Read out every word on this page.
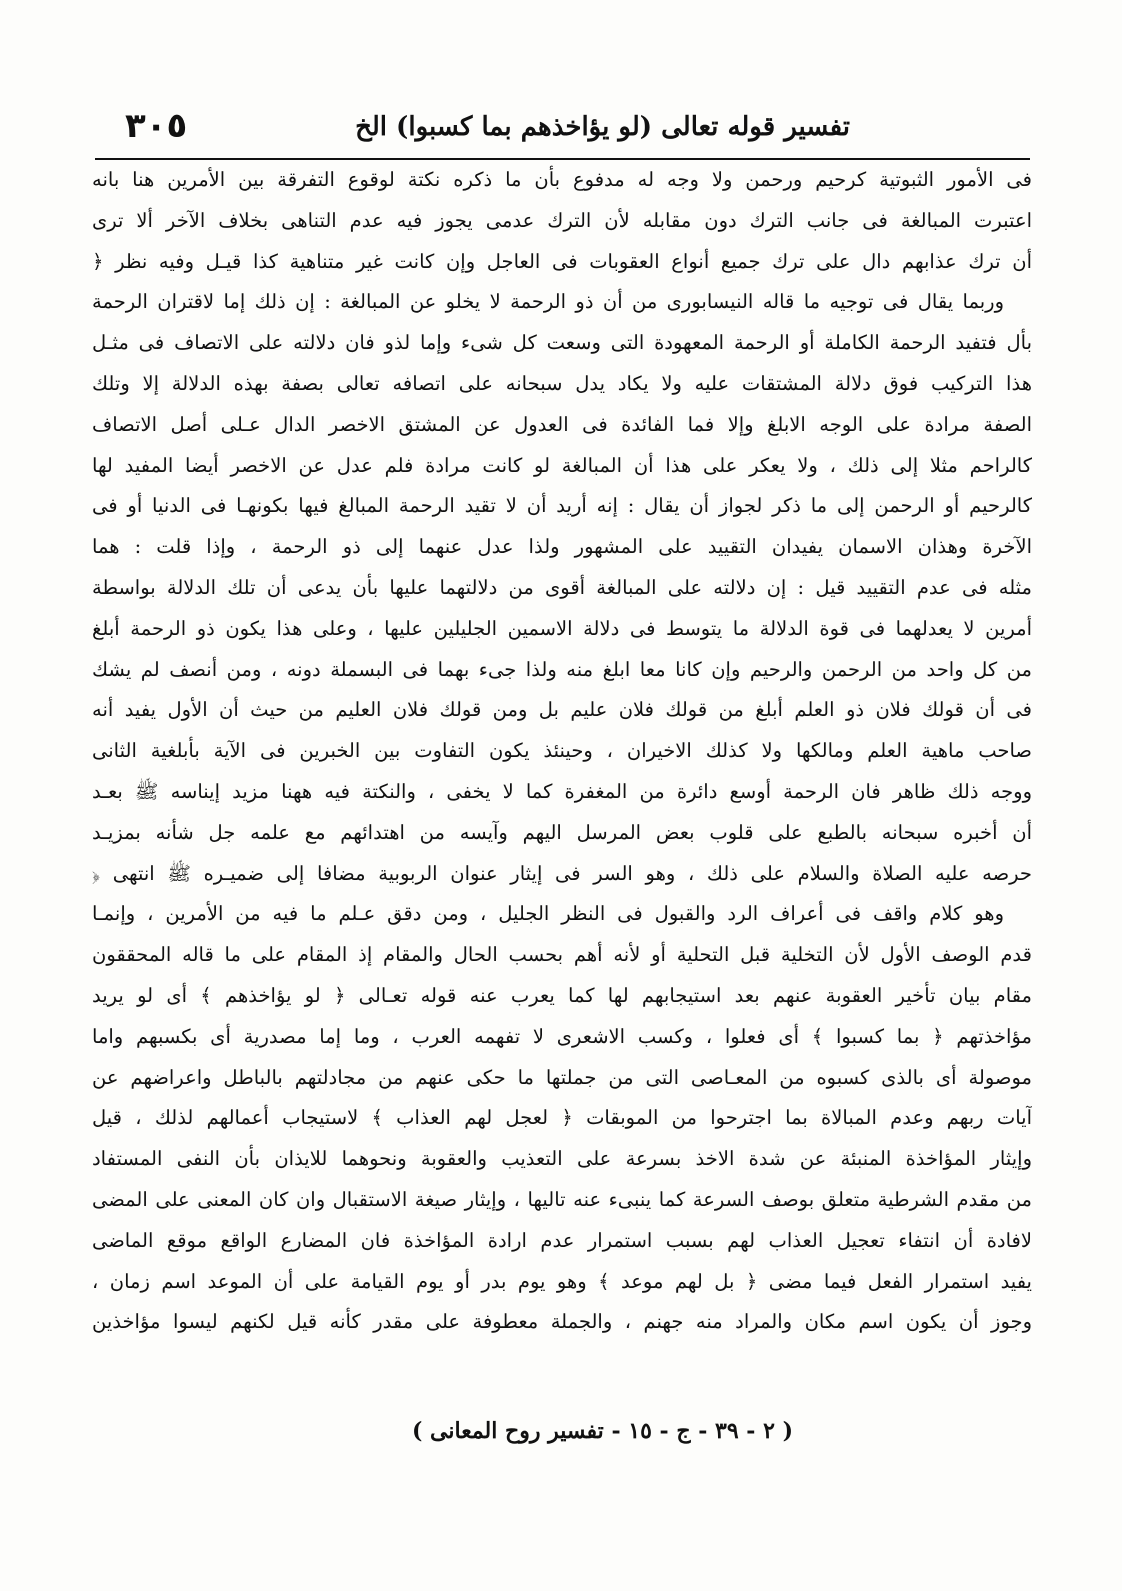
تفسير قوله تعالى (لو يؤاخذهم بما كسبوا) الخ
٣٠٥
فى الأمور الثبوتية كرحيم ورحمن ولا وجه له مدفوع بأن ما ذكره نكتة لوقوع التفرقة بين الأمرين هنا بانه
اعتبرت المبالغة فى جانب الترك دون مقابله لأن الترك عدمى يجوز فيه عدم التناهى بخلاف الآخر ألا ترى
أن ترك عذابهم دال على ترك جميع أنواع العقوبات فى العاجل وإن كانت غير متناهية كذا قيـل وفيه نظر ﴿
وربما يقال فى توجيه ما قاله النيسابورى من أن ذو الرحمة لا يخلو عن المبالغة : إن ذلك إما لاقتران الرحمة
بأل فتفيد الرحمة الكاملة أو الرحمة المعهودة التى وسعت كل شىء وإما لذو فان دلالته على الاتصاف فى مثـل
هذا التركيب فوق دلالة المشتقات عليه ولا يكاد يدل سبحانه على اتصافه تعالى بصفة بهذه الدلالة إلا وتلك
الصفة مرادة على الوجه الابلغ وإلا فما الفائدة فى العدول عن المشتق الاخصر الدال عـلى أصل الاتصاف
كالراحم مثلا إلى ذلك ، ولا يعكر على هذا أن المبالغة لو كانت مرادة فلم عدل عن الاخصر أيضا المفيد لها
كالرحيم أو الرحمن إلى ما ذكر لجواز أن يقال : إنه أريد أن لا تقيد الرحمة المبالغ فيها بكونهـا فى الدنيا أو فى
الآخرة وهذان الاسمان يفيدان التقييد على المشهور ولذا عدل عنهما إلى ذو الرحمة ، وإذا قلت : هما
مثله فى عدم التقييد قيل : إن دلالته على المبالغة أقوى من دلالتهما عليها بأن يدعى أن تلك الدلالة بواسطة
أمرين لا يعدلهما فى قوة الدلالة ما يتوسط فى دلالة الاسمين الجليلين عليها ، وعلى هذا يكون ذو الرحمة أبلغ
من كل واحد من الرحمن والرحيم وإن كانا معا ابلغ منه ولذا جىء بهما فى البسملة دونه ، ومن أنصف لم يشك
فى أن قولك فلان ذو العلم أبلغ من قولك فلان عليم بل ومن قولك فلان العليم من حيث أن الأول يفيد أنه
صاحب ماهية العلم ومالكها ولا كذلك الاخيران ، وحينئذ يكون التفاوت بين الخبرين فى الآية بأبلغية الثانى
ووجه ذلك ظاهر فان الرحمة أوسع دائرة من المغفرة كما لا يخفى ، والنكتة فيه ههنا مزيد إيناسه ﷺ بعـد
أن أخبره سبحانه بالطبع على قلوب بعض المرسل اليهم وآيسه من اهتدائهم مع علمه جل شأنه بمزيـد
حرصه عليه الصلاة والسلام على ذلك ، وهو السر فى إيثار عنوان الربوبية مضافا إلى ضميـره ﷺ انتهى ﴿
وهو كلام واقف فى أعراف الرد والقبول فى النظر الجليل ، ومن دقق عـلم ما فيه من الأمرين ، وإنمـا
قدم الوصف الأول لأن التخلية قبل التحلية أو لأنه أهم بحسب الحال والمقام إذ المقام على ما قاله المحققون
مقام بيان تأخير العقوبة عنهم بعد استيجابهم لها كما يعرب عنه قوله تعـالى ﴿ لو يؤاخذهم ﴾ أى لو يريد
مؤاخذتهم ﴿ بما كسبوا ﴾ أى فعلوا ، وكسب الاشعرى لا تفهمه العرب ، وما إما مصدرية أى بكسبهم واما
موصولة أى بالذى كسبوه من المعـاصى التى من جملتها ما حكى عنهم من مجادلتهم بالباطل واعراضهم عن
آيات ربهم وعدم المبالاة بما اجترحوا من الموبقات ﴿ لعجل لهم العذاب ﴾ لاستيجاب أعمالهم لذلك ، قيل
وإيثار المؤاخذة المنبئة عن شدة الاخذ بسرعة على التعذيب والعقوبة ونحوهما للايذان بأن النفى المستفاد
من مقدم الشرطية متعلق بوصف السرعة كما ينبىء عنه تاليها ، وإيثار صيغة الاستقبال وان كان المعنى على المضى
لافادة أن انتفاء تعجيل العذاب لهم بسبب استمرار عدم ارادة المؤاخذة فان المضارع الواقع موقع الماضى
يفيد استمرار الفعل فيما مضى ﴿ بل لهم موعد ﴾ وهو يوم بدر أو يوم القيامة على أن الموعد اسم زمان ،
وجوز أن يكون اسم مكان والمراد منه جهنم ، والجملة معطوفة على مقدر كأنه قيل لكنهم ليسوا مؤاخذين
( ٢ - ٣٩ - ج - ١٥ - تفسير روح المعانى )
